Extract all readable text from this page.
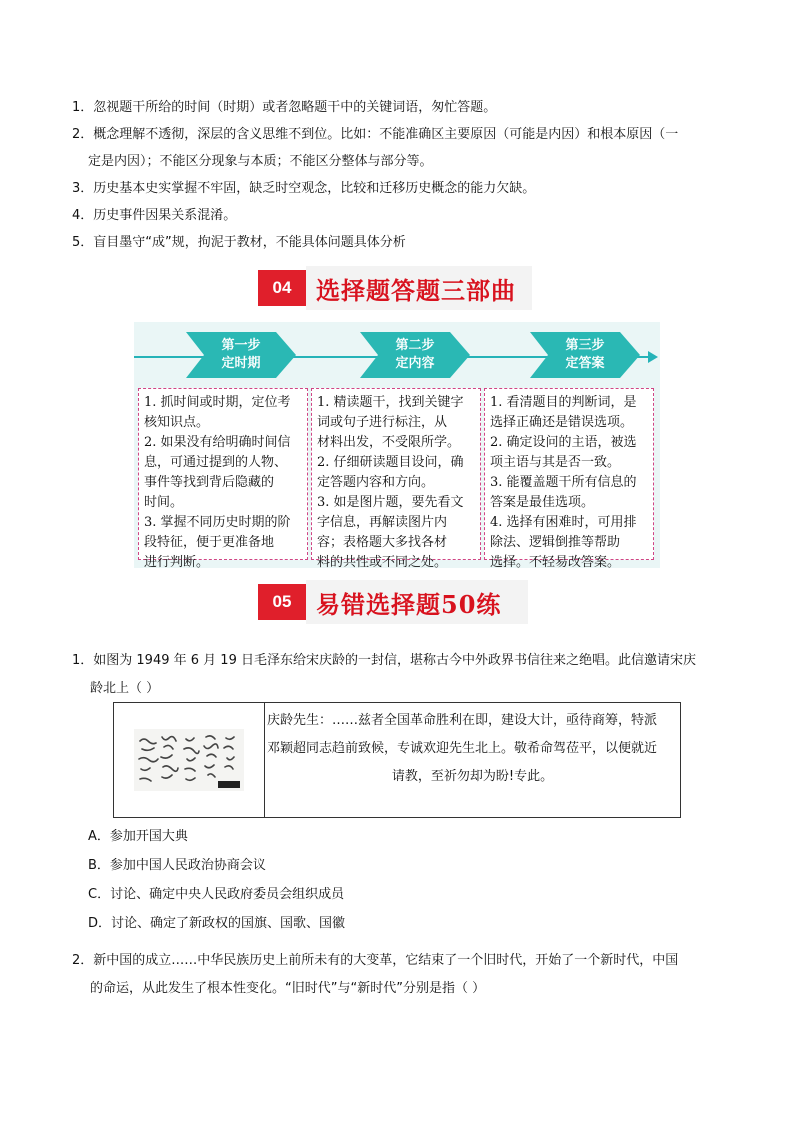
1．忽视题干所给的时间（时期）或者忽略题干中的关键词语，匆忙答题。

2．概念理解不透彻，深层的含义思维不到位。比如：不能准确区主要原因（可能是内因）和根本原因（一

定是内因）；不能区分现象与本质；不能区分整体与部分等。

3．历史基本史实掌握不牢固，缺乏时空观念，比较和迁移历史概念的能力欠缺。

4．历史事件因果关系混淆。

5．盲目墨守“成”规，拘泥于教材，不能具体问题具体分析

04	选择题答题三部曲
第一步
定时期
第二步
定内容
第三步
定答案

1. 抓时间或时期，定位考

核知识点。

2. 如果没有给明确时间信

息，可通过提到的人物、

事件等找到背后隐藏的

时间。

3. 掌握不同历史时期的阶

段特征，便于更准备地

进行判断。

1. 精读题干，找到关键字

词或句子进行标注，从

材料出发，不受限所学。

2. 仔细研读题目设问，确

定答题内容和方向。

3. 如是图片题，要先看文

字信息，再解读图片内

容；表格题大多找各材

料的共性或不同之处。

1. 看清题目的判断词，是

选择正确还是错误选项。

2. 确定设问的主语，被选

项主语与其是否一致。

3. 能覆盖题干所有信息的

答案是最佳选项。

4. 选择有困难时，可用排

除法、逻辑倒推等帮助

选择。不轻易改答案。

05	易错选择题50练

1．如图为 1949 年 6 月 19 日毛泽东给宋庆龄的一封信，堪称古今中外政界书信往来之绝唱。此信邀请宋庆

龄北上（ ）

庆龄先生：……兹者全国革命胜利在即，建设大计，亟待商筹，特派
邓颖超同志趋前致候，专诚欢迎先生北上。敬希命驾莅平，以便就近
请教，至祈勿却为盼!专此。

A．参加开国大典

B．参加中国人民政治协商会议

C．讨论、确定中央人民政府委员会组织成员

D．讨论、确定了新政权的国旗、国歌、国徽

2．新中国的成立……中华民族历史上前所未有的大变革，它结束了一个旧时代，开始了一个新时代，中国

的命运，从此发生了根本性变化。“旧时代”与“新时代”分别是指（ ）
